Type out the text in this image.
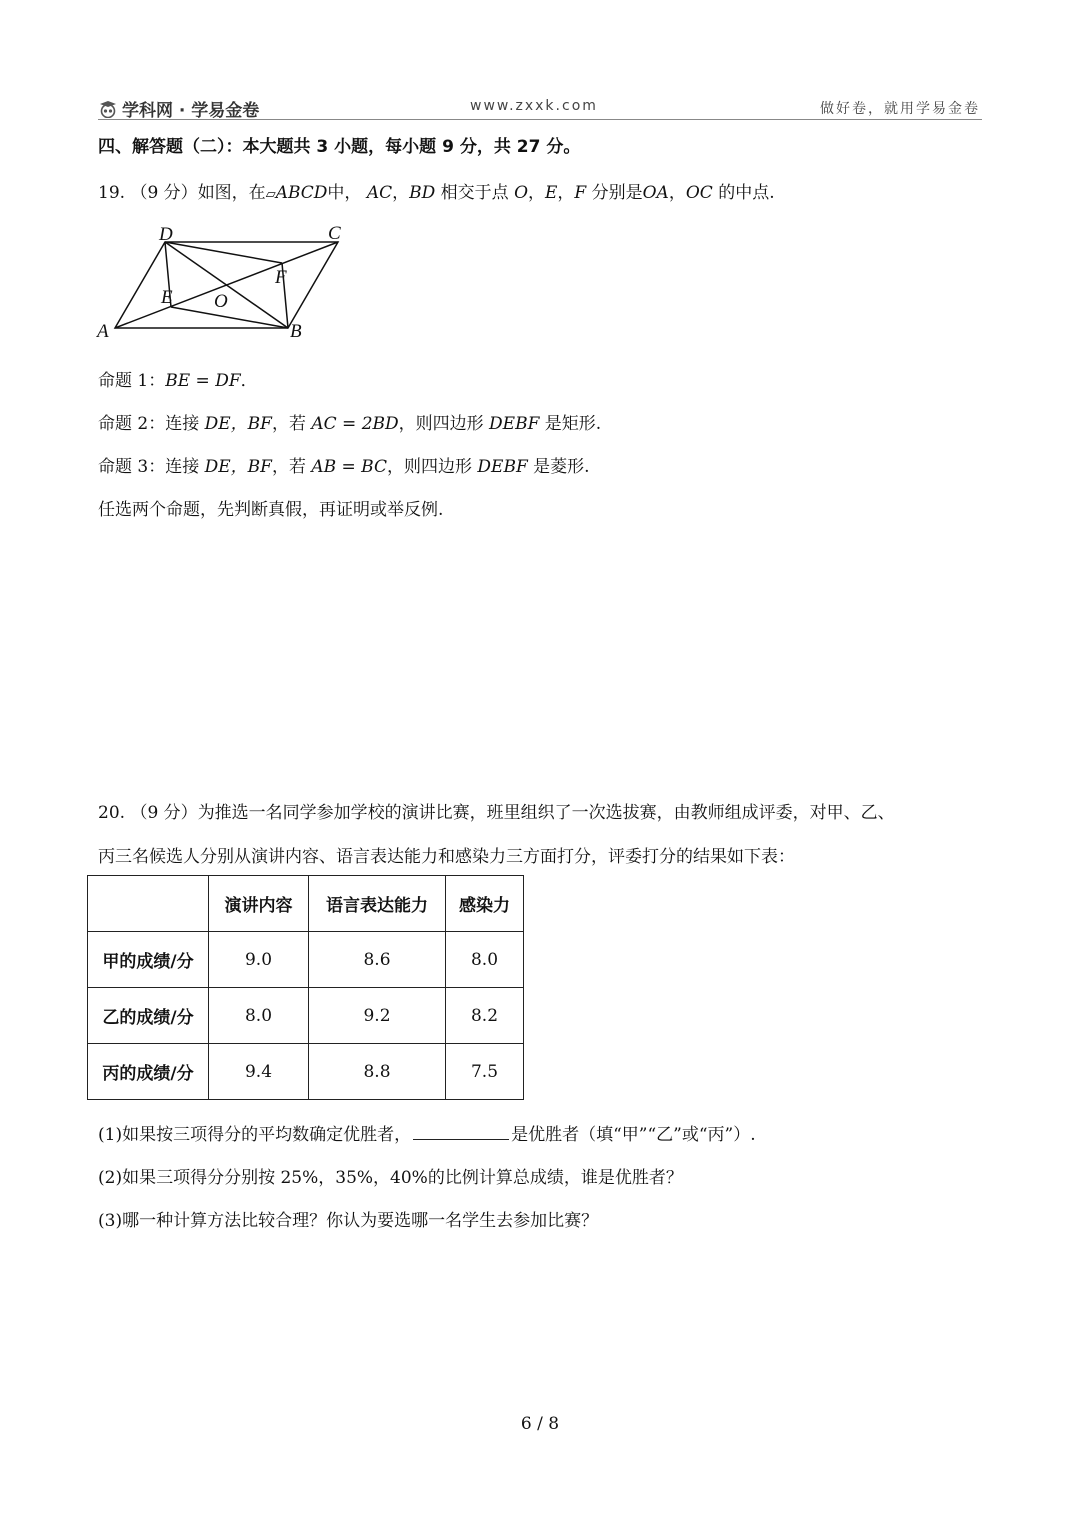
学科网 · 学易金卷	www.zxxk.com	做好卷，就用学易金卷
四、解答题（二）：本大题共 3 小题，每小题 9 分，共 27 分。
19. （9 分）如图，在▱ABCD中， AC，BD 相交于点 O，E，F 分别是OA，OC 的中点.
A	B
C
D
E
F
O
命题 1：BE = DF．
命题 2：连接 DE，BF，若 AC = 2BD，则四边形 DEBF 是矩形.
命题 3：连接 DE，BF，若 AB = BC，则四边形 DEBF 是菱形.
任选两个命题，先判断真假，再证明或举反例.
20. （9 分）为推选一名同学参加学校的演讲比赛，班里组织了一次选拔赛，由教师组成评委，对甲、乙、
丙三名候选人分别从演讲内容、语言表达能力和感染力三方面打分，评委打分的结果如下表：
	演讲内容	语言表达能力	感染力
甲的成绩/分	9.0	8.6	8.0
乙的成绩/分	8.0	9.2	8.2
丙的成绩/分	9.4	8.8	7.5
(1)如果按三项得分的平均数确定优胜者，	是优胜者（填“甲”“乙”或“丙”）.
(2)如果三项得分分别按 25%，35%，40%的比例计算总成绩，谁是优胜者？
(3)哪一种计算方法比较合理？你认为要选哪一名学生去参加比赛？
6 / 8
